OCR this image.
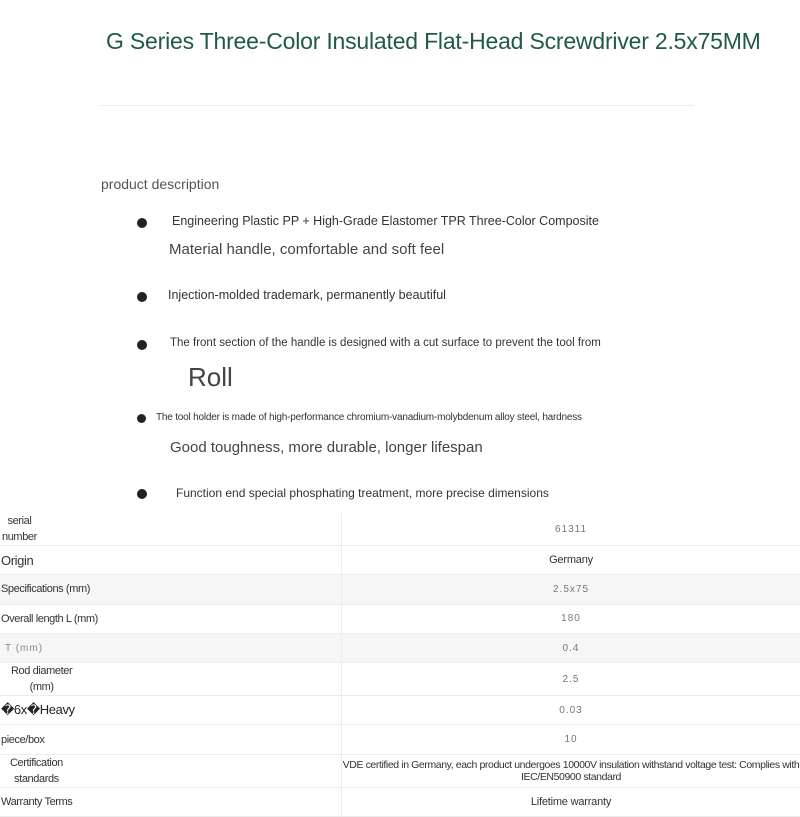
G Series Three-Color Insulated Flat-Head Screwdriver 2.5x75MM
product description
Engineering Plastic PP + High-Grade Elastomer TPR Three-Color Composite
Material handle, comfortable and soft feel
Injection-molded trademark, permanently beautiful
The front section of the handle is designed with a cut surface to prevent the tool from
Roll
The tool holder is made of high-performance chromium-vanadium-molybdenum alloy steel, hardness
Good toughness, more durable, longer lifespan
Function end special phosphating treatment, more precise dimensions
serial
number	61311
Origin	Germany
Specifications (mm)	2.5x75
Overall length L (mm)	180
T (mm)	0.4
Rod diameter
(mm)	2.5
�6x�Heavy	0.03
piece/box	10
Certification
standards	VDE certified in Germany, each product undergoes 10000V insulation withstand voltage test: Complies with IEC/EN50900 standard
Warranty Terms	Lifetime warranty
